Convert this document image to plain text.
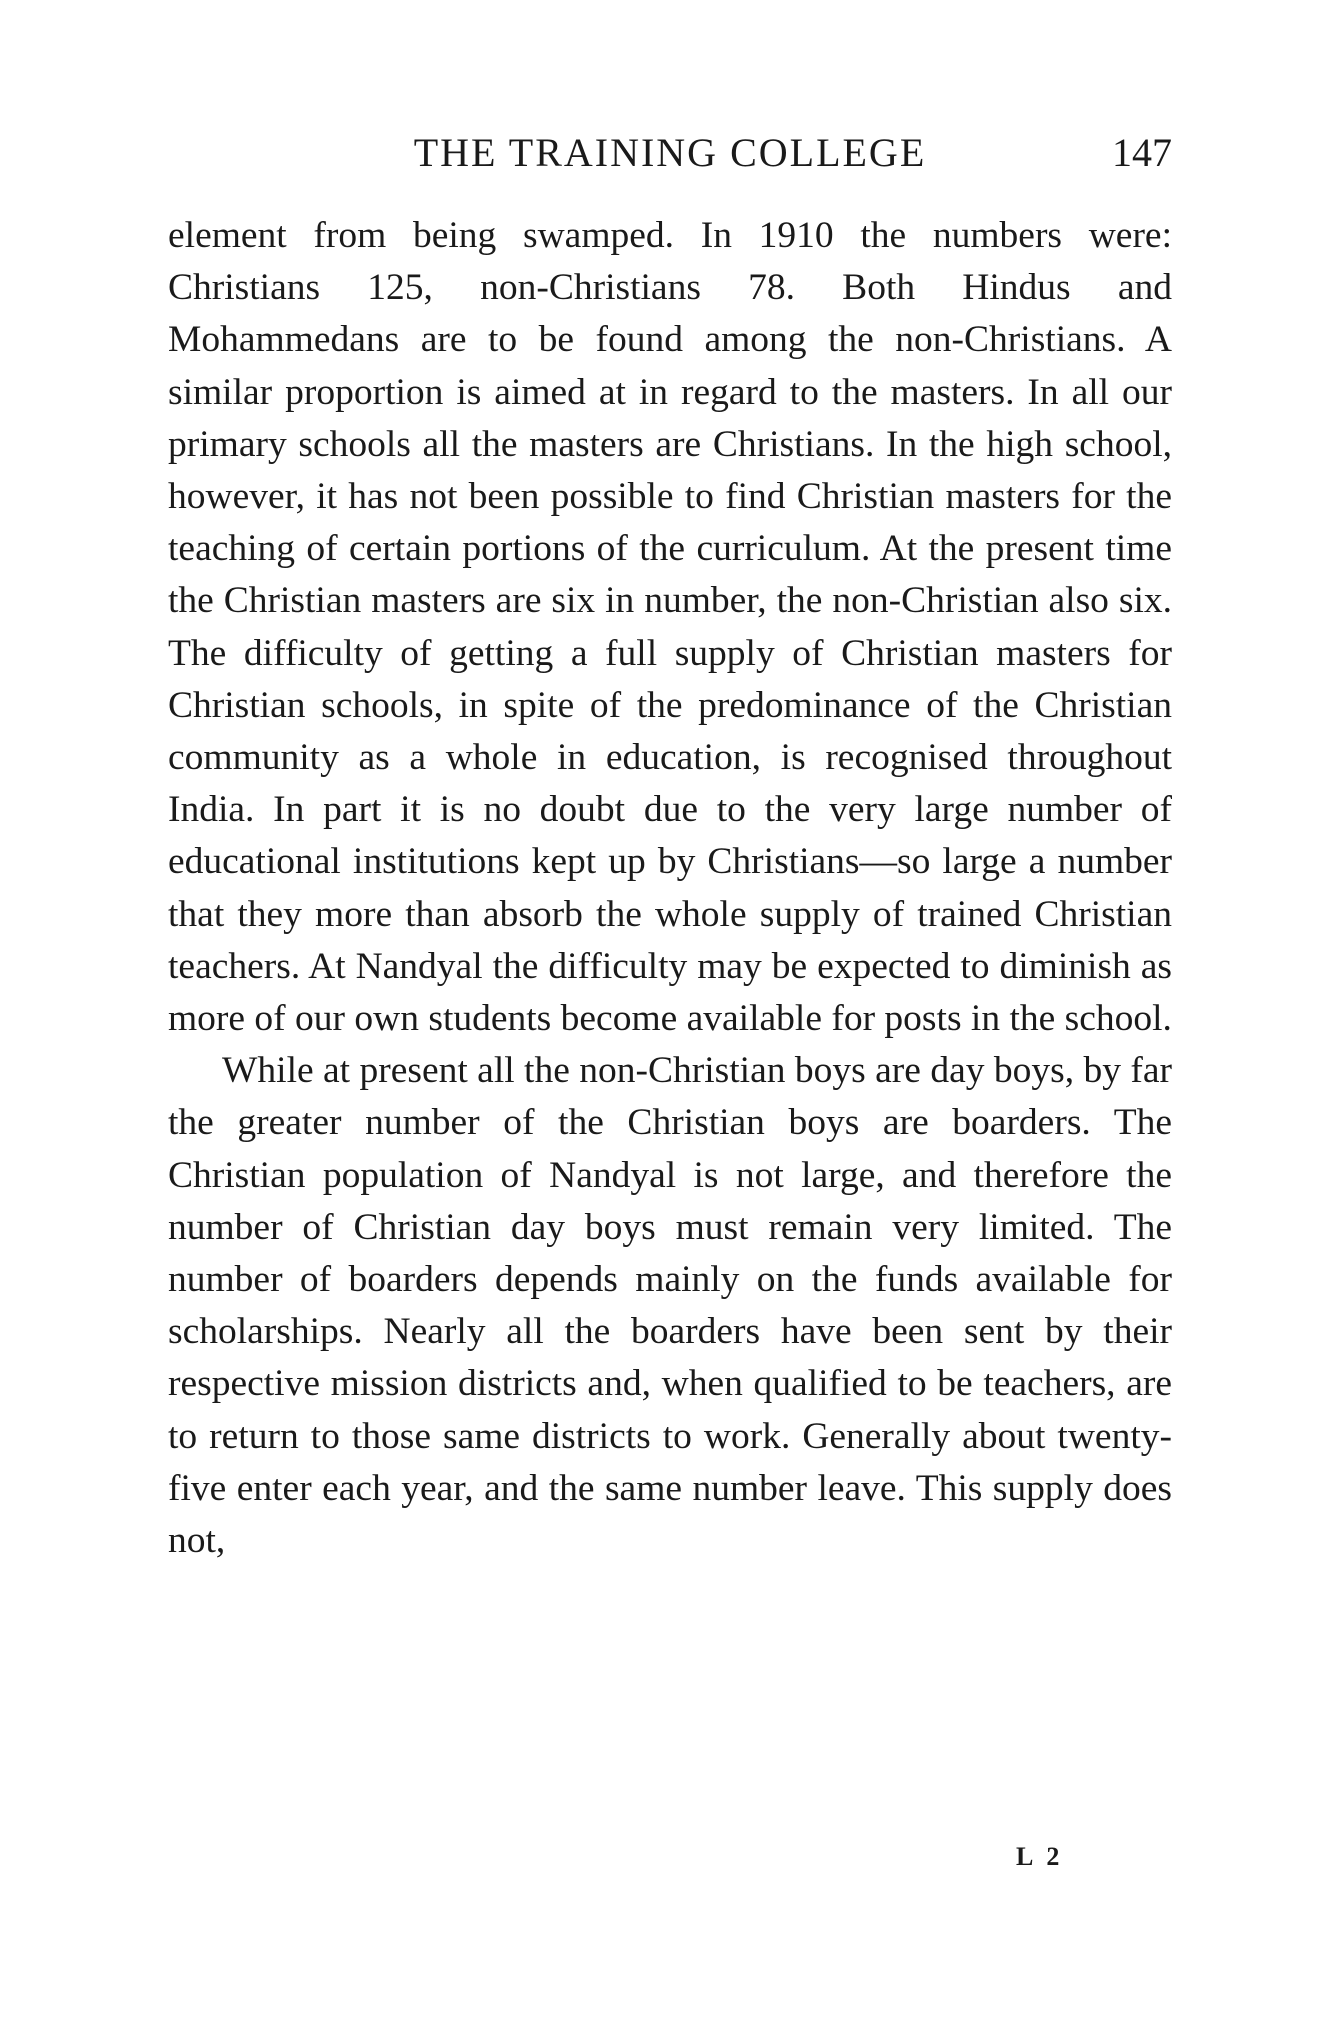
THE TRAINING COLLEGE	147

element from being swamped. In 1910 the numbers were: Christians 125, non-Christians 78. Both Hindus and Mohammedans are to be found among the non-Christians. A similar proportion is aimed at in regard to the masters. In all our primary schools all the masters are Christians. In the high school, however, it has not been possible to find Christian masters for the teaching of certain portions of the curriculum. At the present time the Christian masters are six in number, the non-Christian also six. The difficulty of getting a full supply of Christian masters for Christian schools, in spite of the predominance of the Christian community as a whole in education, is recognised throughout India. In part it is no doubt due to the very large number of educational institutions kept up by Christians—so large a number that they more than absorb the whole supply of trained Christian teachers. At Nandyal the difficulty may be expected to diminish as more of our own students become available for posts in the school.

While at present all the non-Christian boys are day boys, by far the greater number of the Christian boys are boarders. The Christian population of Nandyal is not large, and therefore the number of Christian day boys must remain very limited. The number of boarders depends mainly on the funds available for scholarships. Nearly all the boarders have been sent by their respective mission districts and, when qualified to be teachers, are to return to those same districts to work. Generally about twenty-five enter each year, and the same number leave. This supply does not,

L 2
